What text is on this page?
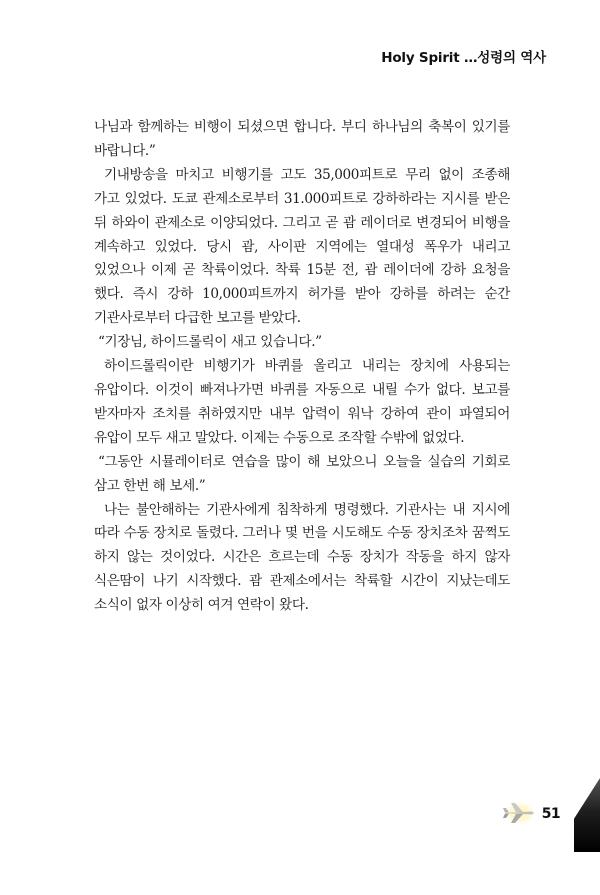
Holy Spirit …성령의 역사

나님과 함께하는 비행이 되셨으면 합니다. 부디 하나님의 축복이 있기를 바랍니다.”

기내방송을 마치고 비행기를 고도 35,000피트로 무리 없이 조종해 가고 있었다. 도쿄 관제소로부터 31.000피트로 강하하라는 지시를 받은 뒤 하와이 관제소로 이양되었다. 그리고 곧 괌 레이더로 변경되어 비행을 계속하고 있었다. 당시 괌, 사이판 지역에는 열대성 폭우가 내리고 있었으나 이제 곧 착륙이었다. 착륙 15분 전, 괌 레이더에 강하 요청을 했다. 즉시 강하 10,000피트까지 허가를 받아 강하를 하려는 순간 기관사로부터 다급한 보고를 받았다.

“기장님, 하이드롤릭이 새고 있습니다.”

하이드롤릭이란 비행기가 바퀴를 올리고 내리는 장치에 사용되는 유압이다. 이것이 빠져나가면 바퀴를 자동으로 내릴 수가 없다. 보고를 받자마자 조치를 취하였지만 내부 압력이 워낙 강하여 관이 파열되어 유압이 모두 새고 말았다. 이제는 수동으로 조작할 수밖에 없었다.

“그동안 시뮬레이터로 연습을 많이 해 보았으니 오늘을 실습의 기회로 삼고 한번 해 보세.”

나는 불안해하는 기관사에게 침착하게 명령했다. 기관사는 내 지시에 따라 수동 장치로 돌렸다. 그러나 몇 번을 시도해도 수동 장치조차 꿈쩍도 하지 않는 것이었다. 시간은 흐르는데 수동 장치가 작동을 하지 않자 식은땀이 나기 시작했다. 괌 관제소에서는 착륙할 시간이 지났는데도 소식이 없자 이상히 여겨 연락이 왔다.

51
